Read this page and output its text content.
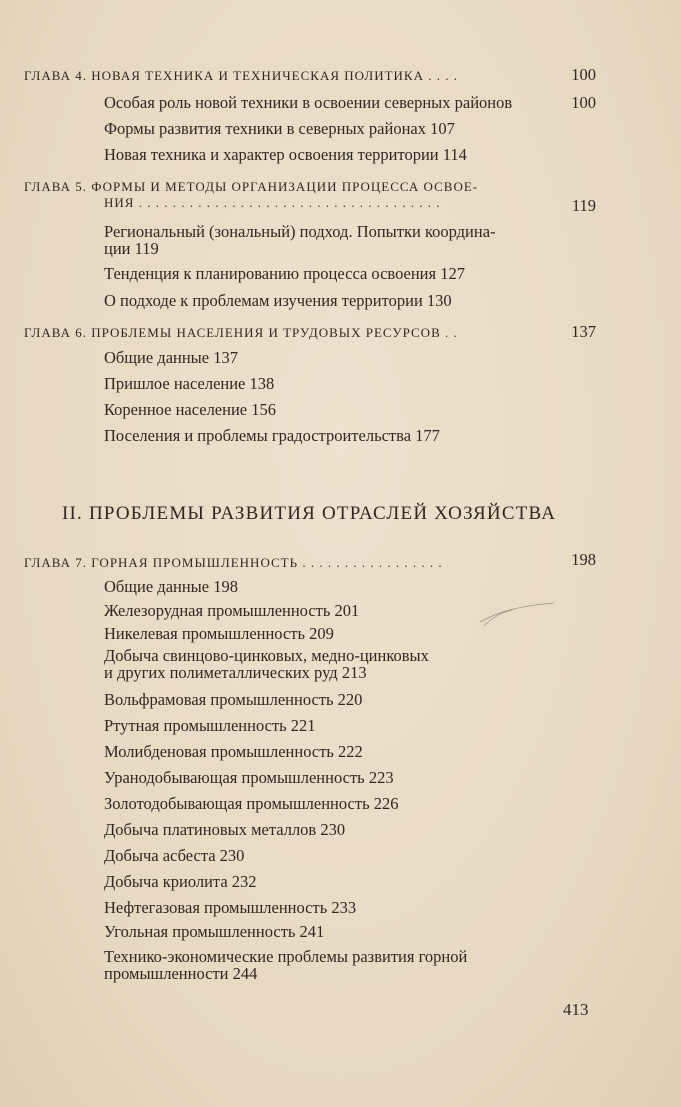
ГЛАВА 4. НОВАЯ ТЕХНИКА И ТЕХНИЧЕСКАЯ ПОЛИТИКА . . . .	100
Особая роль новой техники в освоении северных районов	100
Формы развития техники в северных районах 107
Новая техника и характер освоения территории 114
ГЛАВА 5. ФОРМЫ И МЕТОДЫ ОРГАНИЗАЦИИ ПРОЦЕССА ОСВОЕ-
НИЯ . . . . . . . . . . . . . . . . . . . . . . . . . . . . . . . . . . . .	119
Региональный (зональный) подход. Попытки координа-
ции 119
Тенденция к планированию процесса освоения 127
О подходе к проблемам изучения территории 130
ГЛАВА 6. ПРОБЛЕМЫ НАСЕЛЕНИЯ И ТРУДОВЫХ РЕСУРСОВ . .	137
Общие данные 137
Пришлое население 138
Коренное население 156
Поселения и проблемы градостроительства 177
II. ПРОБЛЕМЫ РАЗВИТИЯ ОТРАСЛЕЙ ХОЗЯЙСТВА
ГЛАВА 7. ГОРНАЯ ПРОМЫШЛЕННОСТЬ . . . . . . . . . . . . . . . . .	198
Общие данные 198
Железорудная промышленность 201
Никелевая промышленность 209
Добыча свинцово-цинковых, медно-цинковых
и других полиметаллических руд 213
Вольфрамовая промышленность 220
Ртутная промышленность 221
Молибденовая промышленность 222
Уранодобывающая промышленность 223
Золотодобывающая промышленность 226
Добыча платиновых металлов 230
Добыча асбеста 230
Добыча криолита 232
Нефтегазовая промышленность 233
Угольная промышленность 241
Технико-экономические проблемы развития горной
промышленности 244
413
